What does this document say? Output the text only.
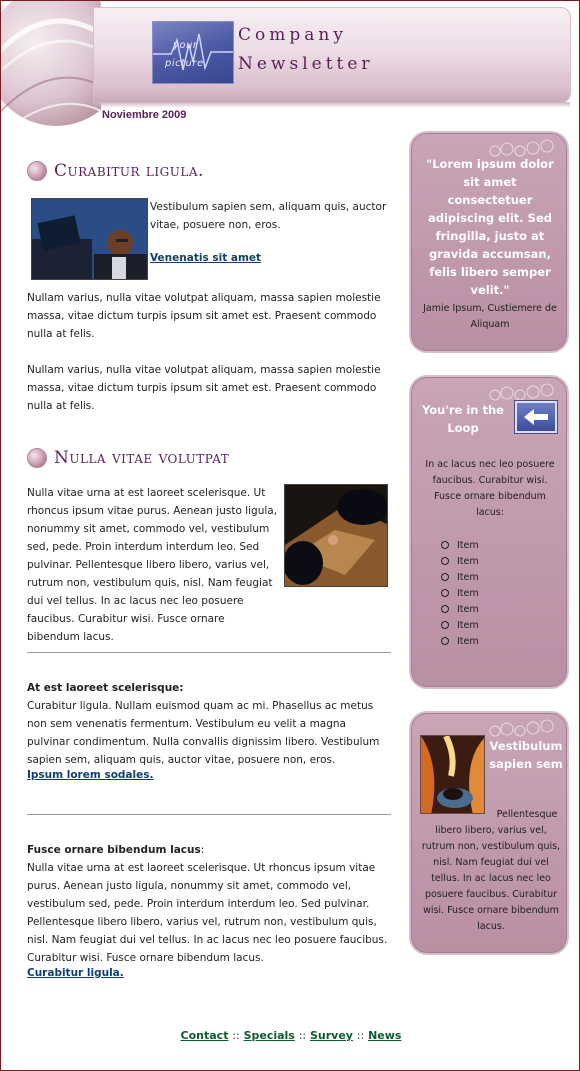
your
picture
Company
Newsletter
Noviembre 2009
Curabitur ligula.

Vestibulum sapien sem, aliquam quis, auctor vitae, posuere non, eros.

Venenatis sit amet

Nullam varius, nulla vitae volutpat aliquam, massa sapien molestie massa, vitae dictum turpis ipsum sit amet est. Praesent commodo nulla at felis.

Nullam varius, nulla vitae volutpat aliquam, massa sapien molestie massa, vitae dictum turpis ipsum sit amet est. Praesent commodo nulla at felis.

Nulla vitae volutpat

Nulla vitae urna at est laoreet scelerisque. Ut rhoncus ipsum vitae purus. Aenean justo ligula, nonummy sit amet, commodo vel, vestibulum sed, pede. Proin interdum interdum leo. Sed pulvinar. Pellentesque libero libero, varius vel, rutrum non, vestibulum quis, nisl. Nam feugiat dui vel tellus. In ac lacus nec leo posuere faucibus. Curabitur wisi. Fusce ornare bibendum lacus.

At est laoreet scelerisque:

Curabitur ligula. Nullam euismod quam ac mi. Phasellus ac metus non sem venenatis fermentum. Vestibulum eu velit a magna pulvinar condimentum. Nulla convallis dignissim libero. Vestibulum sapien sem, aliquam quis, auctor vitae, posuere non, eros.

Ipsum lorem sodales.
Fusce ornare bibendum lacus:

Nulla vitae urna at est laoreet scelerisque. Ut rhoncus ipsum vitae purus. Aenean justo ligula, nonummy sit amet, commodo vel, vestibulum sed, pede. Proin interdum interdum leo. Sed pulvinar. Pellentesque libero libero, varius vel, rutrum non, vestibulum quis, nisl. Nam feugiat dui vel tellus. In ac lacus nec leo posuere faucibus. Curabitur wisi. Fusce ornare bibendum lacus.

Curabitur ligula.
"Lorem ipsum dolor sit amet consectetuer adipiscing elit. Sed fringilla, justo at gravida accumsan, felis libero semper velit."
Jamie Ipsum, Custiemere de Aliquam
You're in the Loop
In ac lacus nec leo posuere faucibus. Curabitur wisi. Fusce ornare bibendum lacus:
Item
Item
Item
Item
Item
Item
Item
Vestibulum sapien sem
Pellentesque
libero libero, varius vel, rutrum non, vestibulum quis, nisl. Nam feugiat dui vel tellus. In ac lacus nec leo posuere faucibus. Curabitur wisi. Fusce ornare bibendum lacus.
Contact :: Specials :: Survey :: News
